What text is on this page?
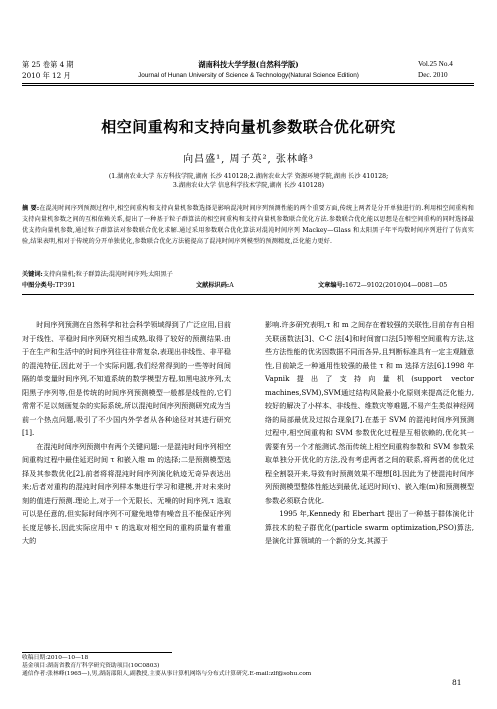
第 25 卷第 4 期
2010 年 12 月
湖南科技大学学报(自然科学版)
Journal of Hunan University of Science & Technology(Natural Science Edition)
Vol.25 No.4
Dec. 2010
相空间重构和支持向量机参数联合优化研究
向昌盛¹, 周子英², 张林峰³
(1.湖南农业大学 东方科技学院,湖南 长沙 410128;2.湖南农业大学 资源环境学院,湖南 长沙 410128;
3.湖南农业大学 信息科学技术学院,湖南 长沙 410128)
摘 要:在混沌时间序列预测过程中,相空间重构和支持向量机参数选择是影响混沌时间序列预测性能的两个重要方面,传统上两者是分开单独进行的.利用相空间重构和支持向量机参数之间的互相依赖关系,提出了一种基于粒子群算法的相空间重构和支持向量机参数联合优化方法.参数联合优化能以思想是在相空间重构的同时选择最优支持向量机参数,通过粒子群算法对参数联合优化求解.通过采用参数联合优化算法对混沌时间序列 Mackey—Glass 和太阳黑子年平均数时间序列进行了仿真实验,结果表明,相对于传统的分开单独优化,参数联合优化方法能提高了混沌时间序列模型的预测精度,泛化能力更好.
关键词:支持向量机;粒子群算法;混沌时间序列;太阳黑子
中图分类号:TP391	文献标识码:A	文章编号:1672—9102(2010)04—0081—05

时间序列预测在自然科学和社会科学领域得到了广泛应用,目前对于线性、平稳时间序列研究相当成熟,取得了较好的预测结果.由于在生产和生活中的时间序列往往非常复杂,表现出非线性、非平稳的混沌特征,因此对于一个实际问题,我们经常得到的一些等时间间隔的单变量时间序列,不知道系统的数学模型方程,如黑电波序列,太阳黑子序列等,但是传统的时间序列预测模型一般都是线性的,它们常常不足以刻画复杂的实际系统,所以混沌时间序列预测研究成为当前一个热点问题,吸引了不少国内外学者从各种途径对其进行研究[1].

在混沌时间序列预测中有两个关键问题:一是混沌时间序列相空间重构过程中最佳延迟时间 τ 和嵌入维 m 的选择;二是预测模型选择及其参数优化[2],前者将将混沌时间序列演化轨迹无奇异表达出来;后者对重构的混沌时间序列样本集进行学习和建模,并对未来时刻的值进行预测.理论上,对于一个无限长、无噪的时间序列,τ 选取可以是任意的,但实际时间序列不可避免地带有噪音且不能保证序列长度足够长,因此实际应用中 τ 的选取对相空间的重构质量有着重大的

影响.许多研究表明,τ 和 m 之间存在着较强的关联性,目前存有自相关联函数法[3]、C-C 法[4]和时间窗口法[5]等相空间重构方法,这些方法性能的优劣因数据不同而各异,且判断标准具有一定主观随意性,目前缺乏一种通用性较强的最佳 τ 和 m 选择方法[6].1998 年 Vapnik提出了支持向量机(support vector machines,SVM),SVM通过结构风险最小化原则来提高泛化能力,较好的解决了小样本、非线性、维数灾等难题,不易产生类似神经网络的局部最优及过拟合现象[7].在基于 SVM 的混沌时间序列预测过程中,相空间重构和 SVM 参数优化过程是互相依赖的,优化其一需要有另一个才能测试.然而传统上相空间重构参数和 SVM 参数采取单独分开优化的方法,没有考虑两者之间的联系,将两者的优化过程全割裂开来,导致有时预测效果不理想[8].因此为了使混沌时间序列预测模型整体性能达到最优,延迟时间(τ)、嵌入维(m)和预测模型参数必须联合优化.

1995 年,Kennedy 和 Eberhart 提出了一种基于群体演化计算技术的粒子群优化(particle swarm optimization,PSO)算法,是演化计算领域的一个新的分支,其源于

收稿日期:2010—10—18
基金项目:湖南省教育厅科学研究资助项目(10C0803)
通信作者:张林峰(1965—),男,湖南邵阳人,副教授,主要从事计算机网络与分布式计算研究.E-mail:zlf@sohu.com
81
